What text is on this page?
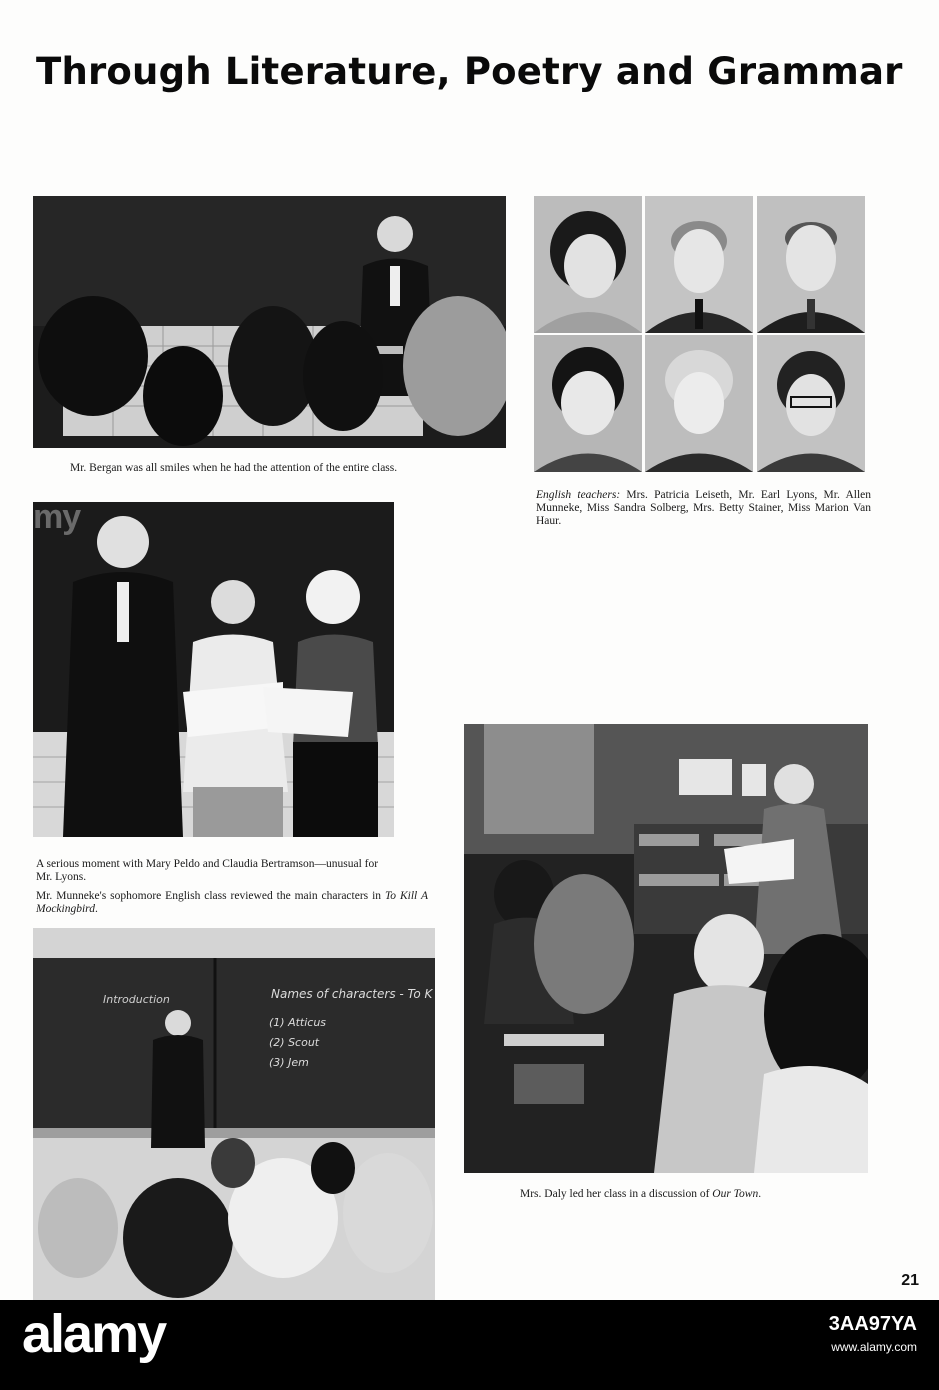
Through Literature, Poetry and Grammar
Mr. Bergan was all smiles when he had the attention of the entire class.
English teachers: Mrs. Patricia Leiseth, Mr. Earl Lyons, Mr. Allen Munneke, Miss Sandra Solberg, Mrs. Betty Stainer, Miss Marion Van Haur.
my
A serious moment with Mary Peldo and Claudia Bertramson—unusual for Mr. Lyons.
Mr. Munneke's sophomore English class reviewed the main characters in To Kill A Mockingbird.
Introduction	Names of characters - To K
(1) Atticus
(2) Scout
(3) Jem
Mrs. Daly led her class in a discussion of Our Town.
21
alamy	3AA97YA
www.alamy.com
